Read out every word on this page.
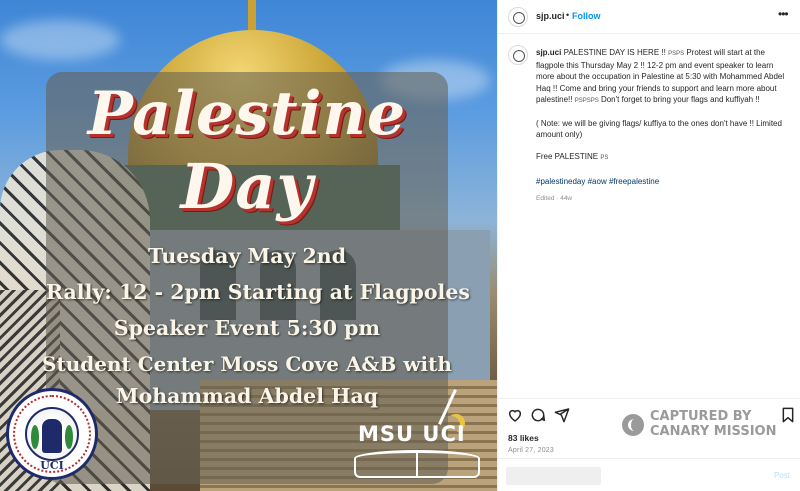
Palestine
Day
Tuesday May 2nd
Rally: 12 - 2pm Starting at Flagpoles
Speaker Event 5:30 pm
Student Center Moss Cove A&B with
Mohammad Abdel Haq
UCI
MSU UCI
sjp.uci • Follow	•••

sjp.uci PALESTINE DAY IS HERE !! PSPS Protest will start at the flagpole this Thursday May 2 !! 12-2 pm and event speaker to learn more about the occupation in Palestine at 5:30 with Mohammed Abdel Haq !! Come and bring your friends to support and learn more about palestine!! PSPSPS Don't forget to bring your flags and kuffiyah !!

( Note: we will be giving flags/ kuffiya to the ones don't have !! Limited amount only)

Free PALESTINE PS

#palestineday #aow #freepalestine

Edited · 44w
CAPTURED BY
CANARY MISSION
83 likes
April 27, 2023
Post
